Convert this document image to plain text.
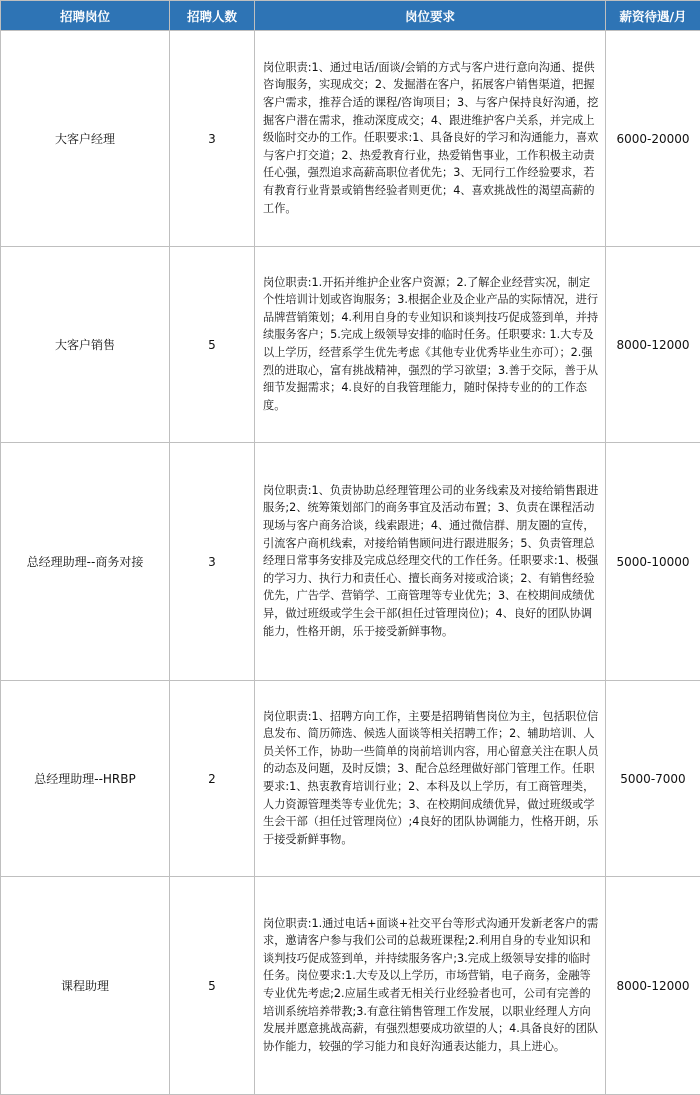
招聘岗位	招聘人数	岗位要求	薪资待遇/月
大客户经理	3	岗位职责:1、通过电话/面谈/会销的方式与客户进行意向沟通、提供咨询服务，实现成交；2、发掘潜在客户，拓展客户销售渠道，把握客户需求，推荐合适的课程/咨询项目；3、与客户保持良好沟通，挖掘客户潜在需求，推动深度成交；4、跟进维护客户关系，并完成上级临时交办的工作。任职要求:1、具备良好的学习和沟通能力，喜欢与客户打交道；2、热爱教育行业，热爱销售事业，工作积极主动责任心强，强烈追求高薪高职位者优先；3、无同行工作经验要求，若有教育行业背景或销售经验者则更优；4、喜欢挑战性的渴望高薪的工作。	6000-20000
大客户销售	5	岗位职责:1.开拓并维护企业客户资源；2.了解企业经营实况，制定个性培训计划或咨询服务；3.根据企业及企业产品的实际情况，进行品牌营销策划；4.利用自身的专业知识和谈判技巧促成签到单，并持续服务客户；5.完成上级领导安排的临时任务。任职要求: 1.大专及以上学历，经营系学生优先考虑《其他专业优秀毕业生亦可）；2.强烈的进取心，富有挑战精神，强烈的学习欲望；3.善于交际，善于从细节发掘需求；4.良好的自我管理能力，随时保持专业的的工作态度。	8000-12000
总经理助理--商务对接	3	岗位职责:1、负责协助总经理管理公司的业务线索及对接给销售跟进服务;2、统筹策划部门的商务事宜及活动布置；3、负责在课程活动现场与客户商务洽谈，线索跟进；4、通过微信群、朋友圈的宣传，引流客户商机线索，对接给销售顾问进行跟进服务；5、负责管理总经理日常事务安排及完成总经理交代的工作任务。任职要求:1、极强的学习力、执行力和责任心、擅长商务对接或洽谈；2、有销售经验优先，广告学、营销学、工商管理等专业优先；3、在校期间成绩优异，做过班级或学生会干部(担任过管理岗位)；4、良好的团队协调能力，性格开朗，乐于接受新鲜事物。	5000-10000
总经理助理--HRBP	2	岗位职责:1、招聘方向工作，主要是招聘销售岗位为主，包括职位信息发布、简历筛选、候选人面谈等相关招聘工作；2、辅助培训、人员关怀工作，协助一些简单的岗前培训内容，用心留意关注在职人员的动态及问题，及时反馈；3、配合总经理做好部门管理工作。任职要求:1、热衷教育培训行业；2、本科及以上学历，有工商管理类，人力资源管理类等专业优先；3、在校期间成绩优异，做过班级或学生会干部（担任过管理岗位）;4良好的团队协调能力，性格开朗，乐于接受新鲜事物。	5000-7000
课程助理	5	岗位职责:1.通过电话+面谈+社交平台等形式沟通开发新老客户的需求，邀请客户参与我们公司的总裁班课程;2.利用自身的专业知识和谈判技巧促成签到单，并持续服务客户;3.完成上级领导安排的临时任务。岗位要求:1.大专及以上学历，市场营销，电子商务，金融等专业优先考虑;2.应届生或者无相关行业经验者也可，公司有完善的培训系统培养带教;3.有意往销售管理工作发展，以职业经理人方向发展并愿意挑战高薪，有强烈想要成功欲望的人；4.具备良好的团队协作能力，较强的学习能力和良好沟通表达能力，具上进心。	8000-12000
